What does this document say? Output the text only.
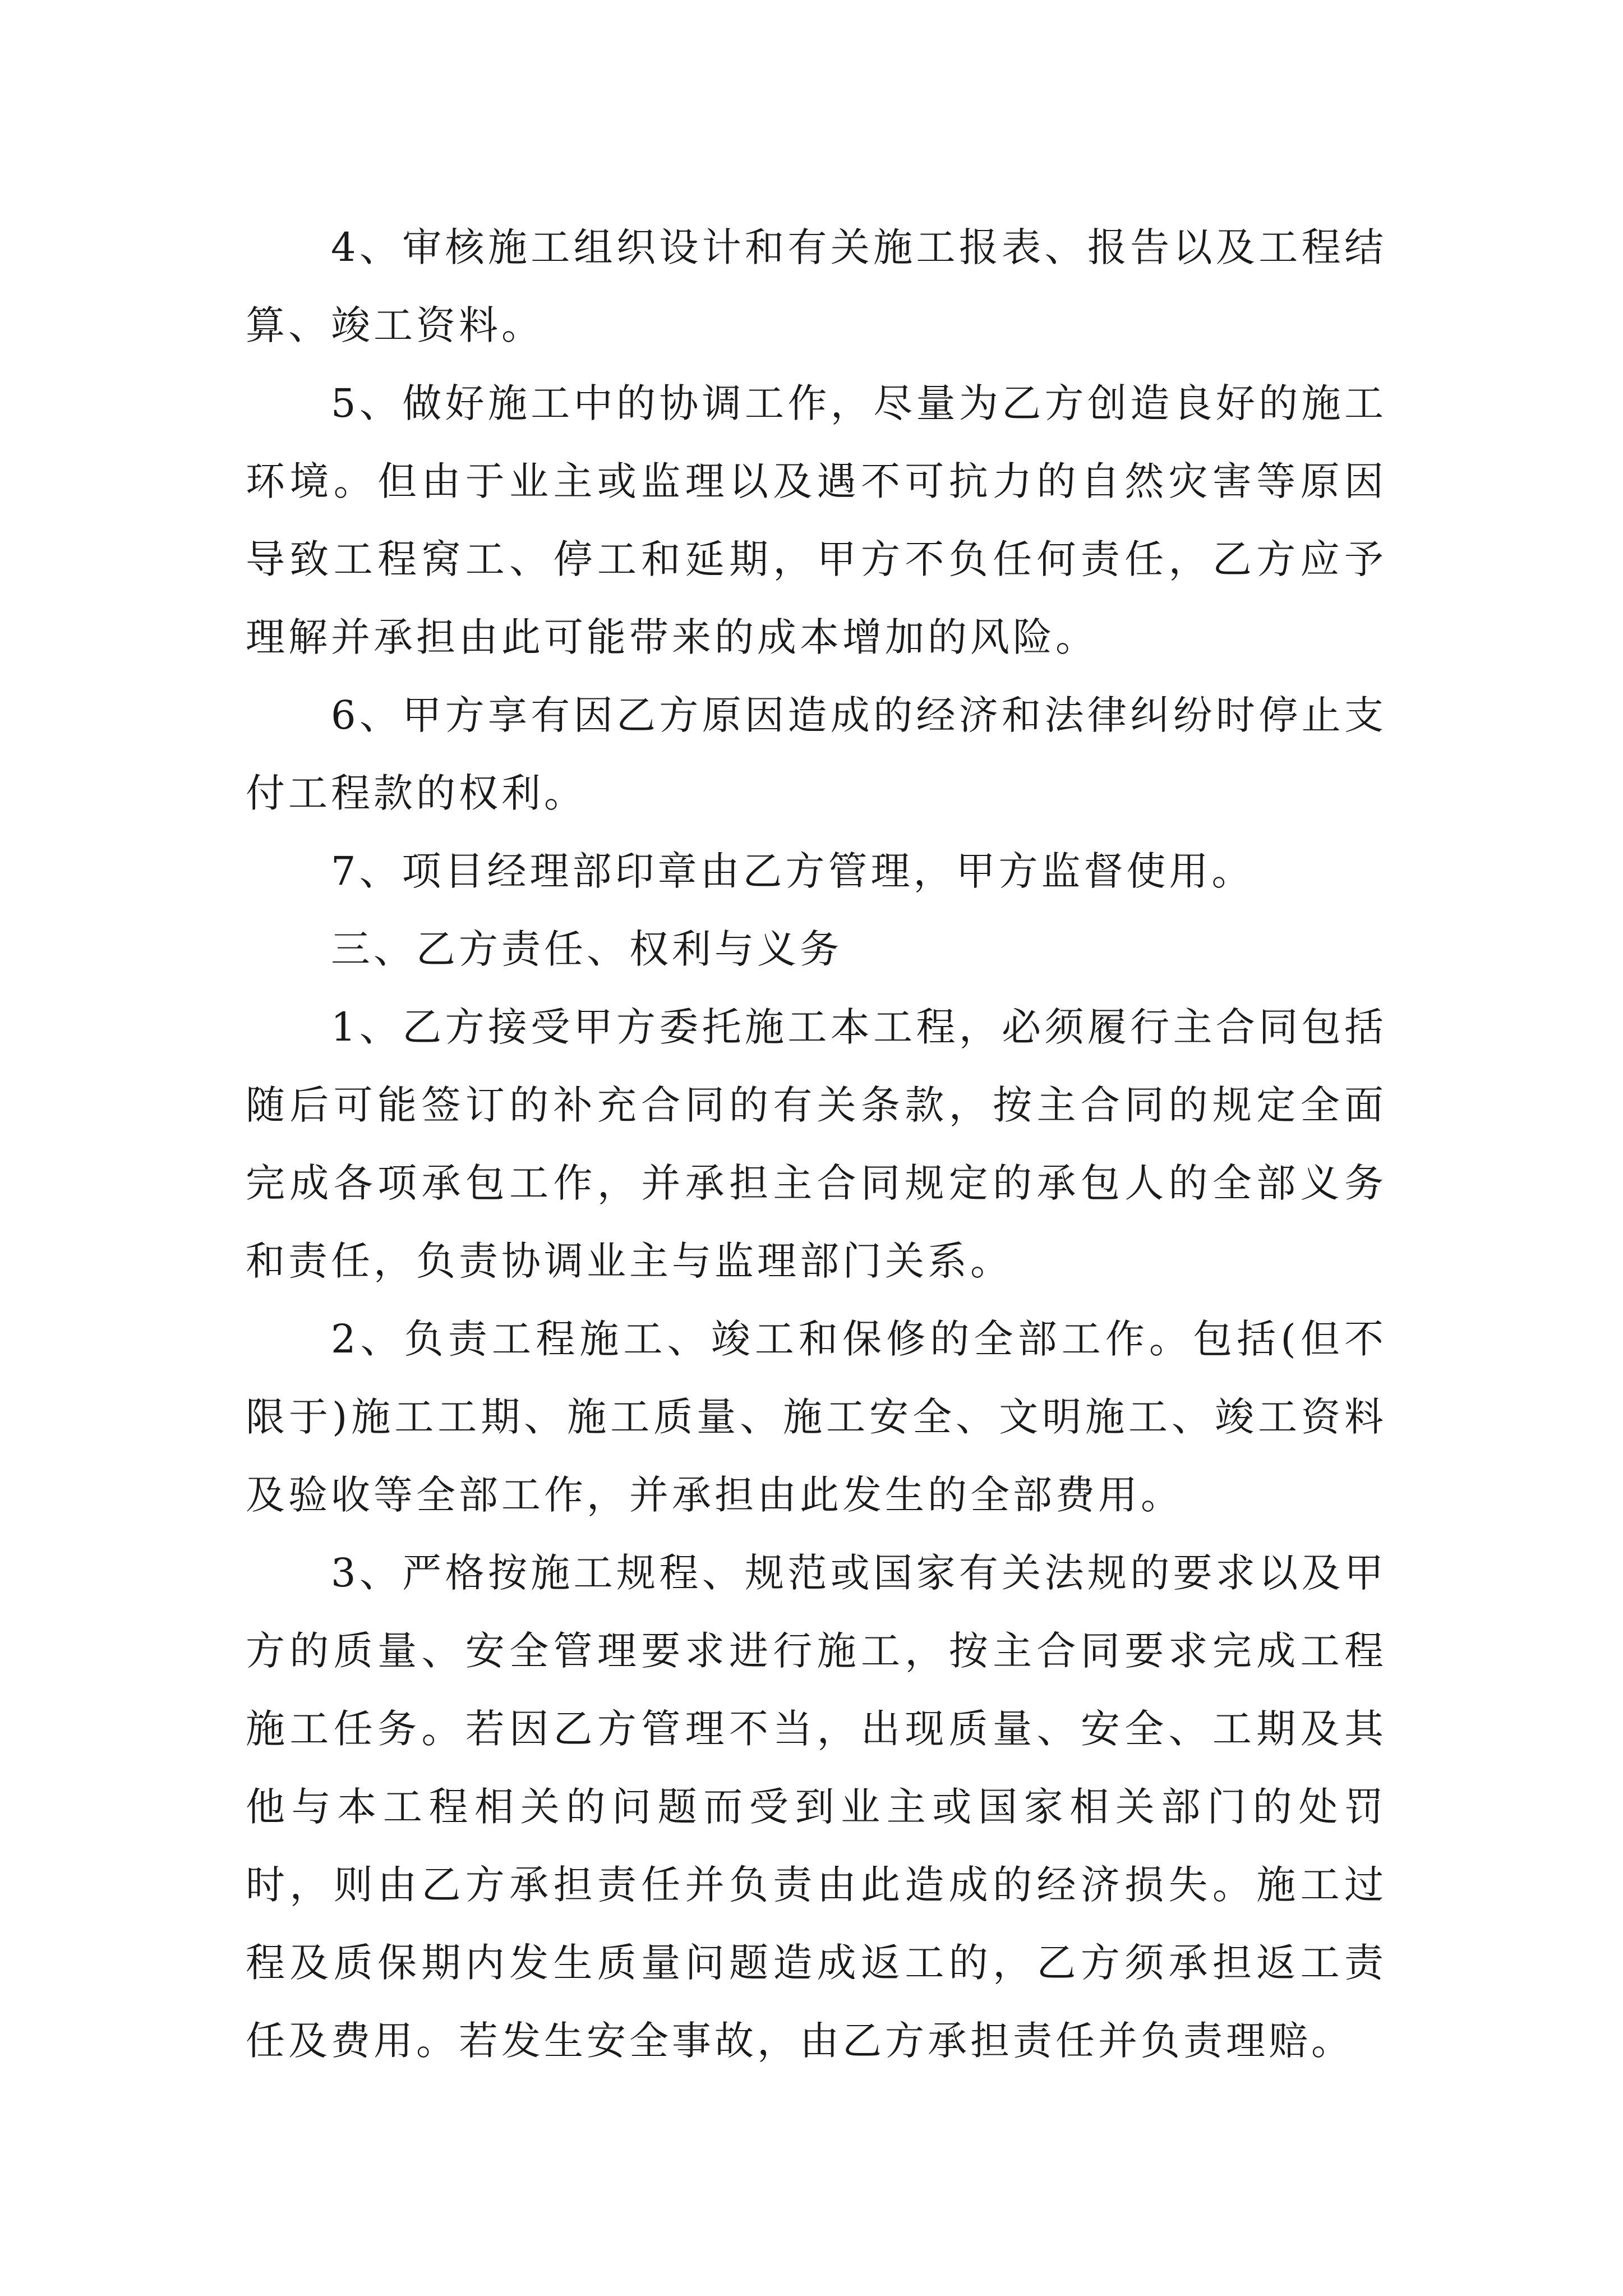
4、审核施工组织设计和有关施工报表、报告以及工程结算、竣工资料。

5、做好施工中的协调工作，尽量为乙方创造良好的施工环境。但由于业主或监理以及遇不可抗力的自然灾害等原因导致工程窝工、停工和延期，甲方不负任何责任，乙方应予理解并承担由此可能带来的成本增加的风险。

6、甲方享有因乙方原因造成的经济和法律纠纷时停止支付工程款的权利。

7、项目经理部印章由乙方管理，甲方监督使用。

三、乙方责任、权利与义务

1、乙方接受甲方委托施工本工程，必须履行主合同包括随后可能签订的补充合同的有关条款，按主合同的规定全面完成各项承包工作，并承担主合同规定的承包人的全部义务和责任，负责协调业主与监理部门关系。

2、负责工程施工、竣工和保修的全部工作。包括(但不限于)施工工期、施工质量、施工安全、文明施工、竣工资料及验收等全部工作，并承担由此发生的全部费用。

3、严格按施工规程、规范或国家有关法规的要求以及甲方的质量、安全管理要求进行施工，按主合同要求完成工程施工任务。若因乙方管理不当，出现质量、安全、工期及其他与本工程相关的问题而受到业主或国家相关部门的处罚时，则由乙方承担责任并负责由此造成的经济损失。施工过程及质保期内发生质量问题造成返工的，乙方须承担返工责任及费用。若发生安全事故，由乙方承担责任并负责理赔。
